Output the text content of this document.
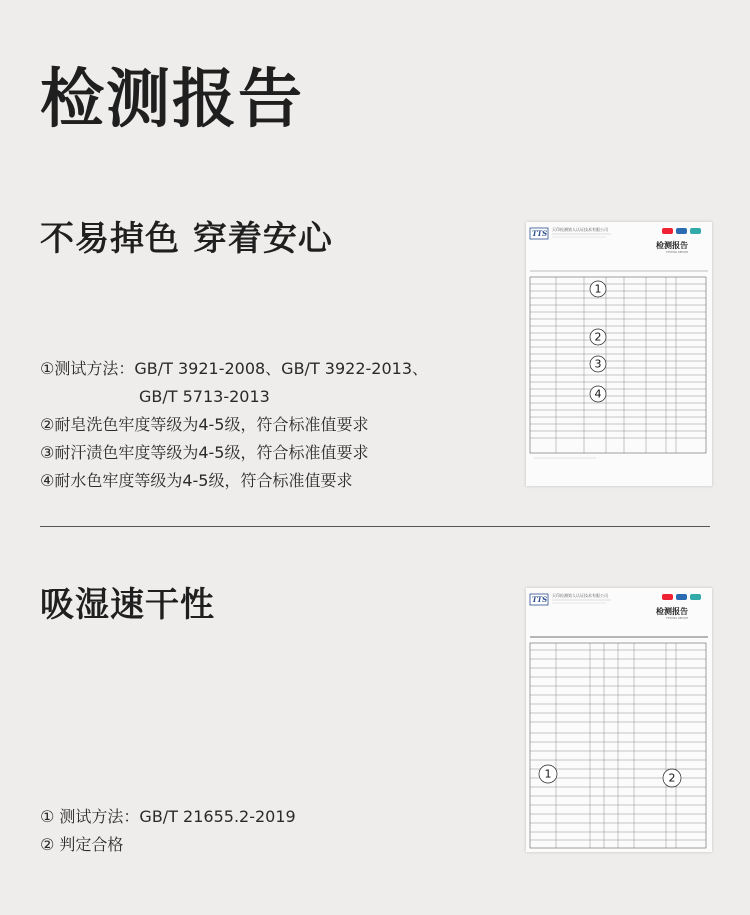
检测报告
不易掉色 穿着安心
①测试方法：GB/T 3921-2008、GB/T 3922-2013、
GB/T 5713-2013
②耐皂洗色牢度等级为4-5级，符合标准值要求
③耐汗渍色牢度等级为4-5级，符合标准值要求
④耐水色牢度等级为4-5级，符合标准值要求
TTS 天印检测第人认证技术有限公司
检测报告
TESTING REPORT
1
2
3
4
吸湿速干性
① 测试方法：GB/T 21655.2-2019
② 判定合格
TTS 天印检测第人认证技术有限公司
检测报告
TESTING REPORT
1	2
